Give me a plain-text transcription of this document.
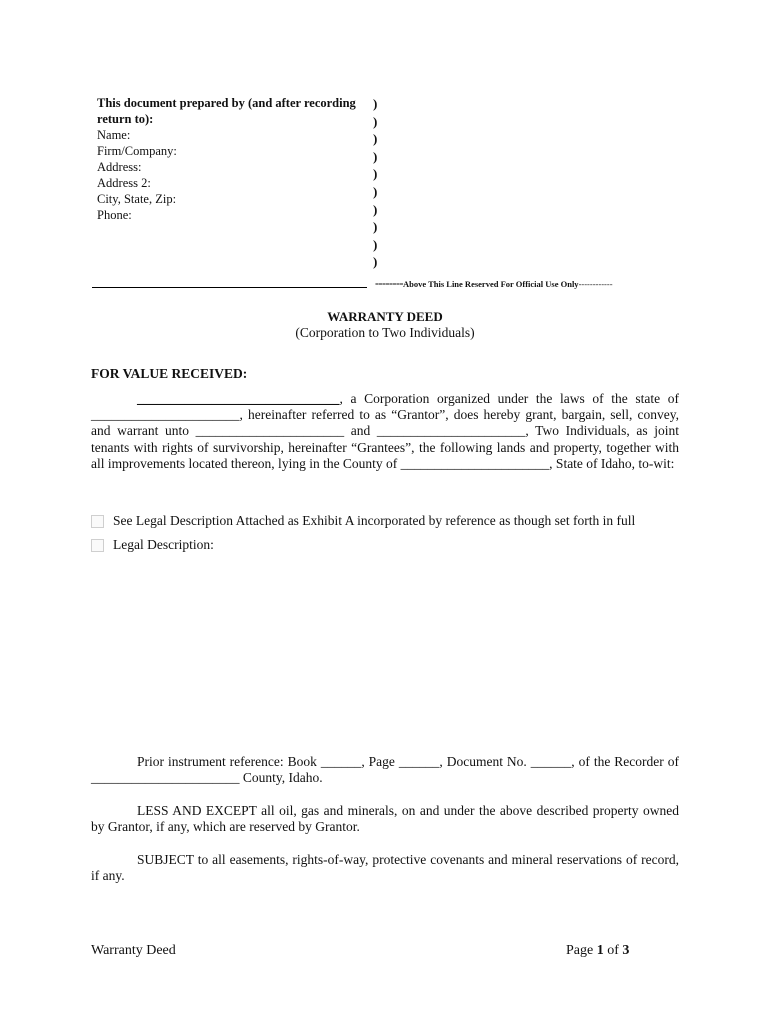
This document prepared by (and after recording return to):
Name:
Firm/Company:
Address:
Address 2:
City, State, Zip:
Phone:
)
)
)
)
)
)
)
)
)
)
--------Above This Line Reserved For Official Use Only------------
WARRANTY DEED
(Corporation to Two Individuals)
FOR VALUE RECEIVED:
______________________________, a Corporation organized under the laws of the state of ______________________, hereinafter referred to as “Grantor”, does hereby grant, bargain, sell, convey, and warrant unto ______________________ and ______________________, Two Individuals, as joint tenants with rights of survivorship, hereinafter “Grantees”, the following lands and property, together with all improvements located thereon, lying in the County of ______________________, State of Idaho, to-wit:
See Legal Description Attached as Exhibit A incorporated by reference as though set forth in full
Legal Description:
Prior instrument reference: Book ______, Page ______, Document No. ______, of the Recorder of ______________________ County, Idaho.
LESS AND EXCEPT all oil, gas and minerals, on and under the above described property owned by Grantor, if any, which are reserved by Grantor.
SUBJECT to all easements, rights-of-way, protective covenants and mineral reservations of record, if any.
Warranty Deed	Page 1 of 3
